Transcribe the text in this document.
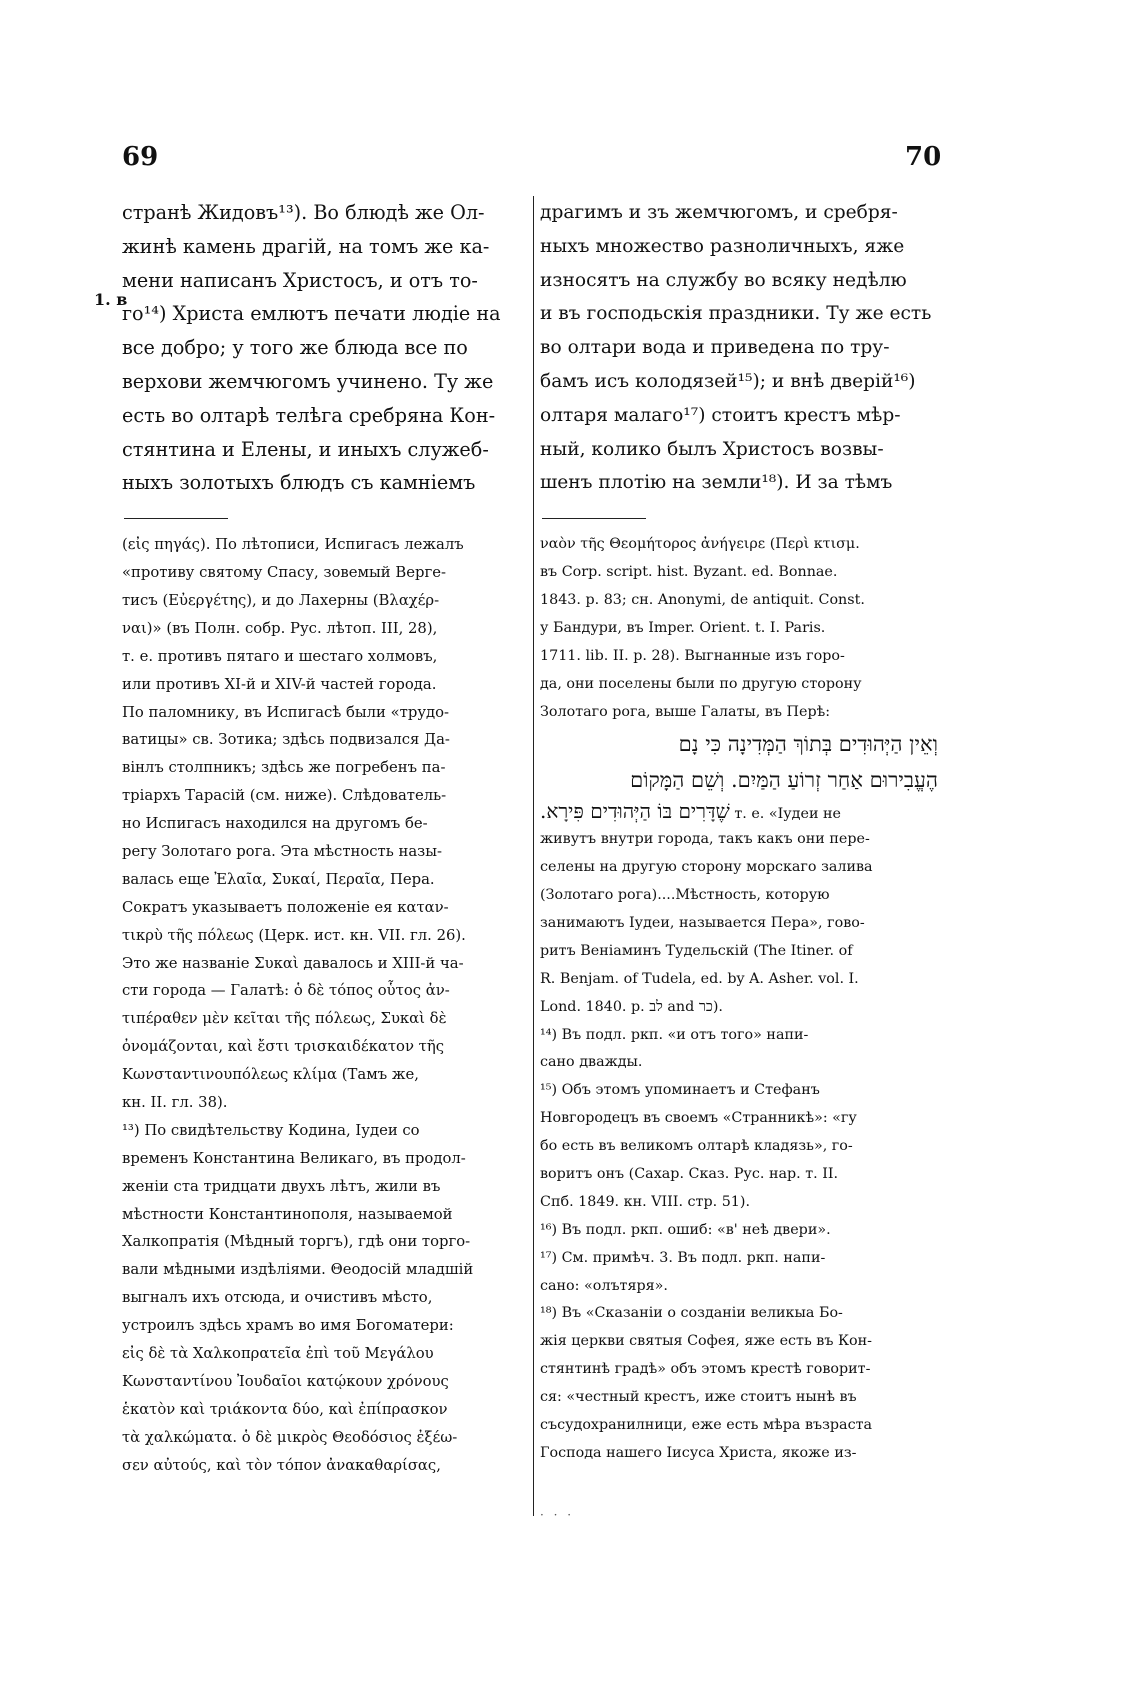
69	70
1. в
странѣ Жидовъ¹³). Во блюдѣ же Ол-
жинѣ камень драгій, на томъ же ка-
мени написанъ Христосъ, и отъ то-
го¹⁴) Христа емлютъ печати людіе на
все добро; у того же блюда все по
верхови жемчюгомъ учинено. Ту же
есть во олтарѣ телѣга сребряна Кон-
стянтина и Елены, и иныхъ служеб-
ныхъ золотыхъ блюдъ съ камніемъ
(εἰς πηγάς). По лѣтописи, Испигасъ лежалъ
«противу святому Спасу, зовемый Верге-
тисъ (Εὐεργέτης), и до Лахерны (Βλαχέρ-
ναι)» (въ Полн. собр. Рус. лѣтоп. III, 28),
т. е. противъ пятаго и шестаго холмовъ,
или противъ XI-й и XIV-й частей города.
По паломнику, въ Испигасѣ были «трудо-
ватицы» св. Зотика; здѣсь подвизался Да-
вінлъ столпникъ; здѣсь же погребенъ па-
тріархъ Тарасій (см. ниже). Слѣдователь-
но Испигасъ находился на другомъ бе-
регу Золотаго рога. Эта мѣстность назы-
валась еще Ἐλαῖα, Συκαί, Περαῖα, Пера.
Сократъ указываетъ положеніе ея καταν-
τικρὺ τῆς πόλεως (Церк. ист. кн. VII. гл. 26).
Это же названіе Συκαὶ давалось и XIII-й ча-
сти города — Галатѣ: ὁ δὲ τόπος οὗτος ἀν-
τιπέραθεν μὲν κεῖται τῆς πόλεως, Συκαὶ δὲ
ὀνομάζονται, καὶ ἔστι τρισκαιδέκατον τῆς
Κωνσταντινουπόλεως κλίμα (Тамъ же,
кн. II. гл. 38).
¹³) По свидѣтельству Кодина, Іудеи со
временъ Константина Великаго, въ продол-
женіи ста тридцати двухъ лѣтъ, жили въ
мѣстности Константинополя, называемой
Халкопратія (Мѣдный торгъ), гдѣ они торго-
вали мѣдными издѣліями. Θеодосій младшій
выгналъ ихъ отсюда, и очистивъ мѣсто,
устроилъ здѣсь храмъ во имя Богоматери:
εἰς δὲ τὰ Χαλκοπρατεῖα ἐπὶ τοῦ Μεγάλου
Κωνσταντίνου Ἰουδαῖοι κατῴκουν χρόνους
ἑκατὸν καὶ τριάκοντα δύο, καὶ ἐπίπρασκον
τὰ χαλκώματα. ὁ δὲ μικρὸς Θεοδόσιος ἐξέω-
σεν αὐτούς, καὶ τὸν τόπον ἀνακαθαρίσας,
драгимъ и зъ жемчюгомъ, и сребря-
ныхъ множество разноличныхъ, яже
износятъ на службу во всяку недѣлю
и въ господьскія праздники. Ту же есть
во олтари вода и приведена по тру-
бамъ исъ колодязей¹⁵); и внѣ дверій¹⁶)
олтаря малаго¹⁷) стоитъ крестъ мѣр-
ный, колико былъ Христосъ возвы-
шенъ плотію на земли¹⁸). И за тѣмъ
ναὸν τῆς Θεομήτορος ἀνήγειρε (Περὶ κτισμ.
въ Corp. script. hist. Byzant. ed. Bonnae.
1843. p. 83; сн. Anonymi, de antiquit. Const.
у Бандури, въ Imper. Orient. t. I. Paris.
1711. lib. II. p. 28). Выгнанные изъ горо-
да, они поселены были по другую сторону
Золотаго рога, выше Галаты, въ Перѣ:
וְאֵין הַיְּהוּדִים בְּתוֹךְ הַמְּדִינָה כִּי נָם
הֶעֱבִירוּם אַחַר זְרוֹעַ הַמַּיִם. וְשֵׁם הַמָּקוֹם
שֶׁדָּרִים בּוֹ הַיְּהוּדִים פִּירָא. т. е. «Іудеи не
живутъ внутри города, такъ какъ они пере-
селены на другую сторону морскаго залива
(Золотаго рога)....Мѣстность, которую
занимаютъ Іудеи, называется Пера», гово-
ритъ Веніаминъ Тудельскій (The Itiner. of
R. Benjam. of Tudela, ed. by A. Asher. vol. I.
Lond. 1840. p. לב and כר).
¹⁴) Въ подл. ркп. «и отъ того» напи-
сано дважды.
¹⁵) Объ этомъ упоминаетъ и Стефанъ
Новгородецъ въ своемъ «Странникѣ»: «гу
бо есть въ великомъ олтарѣ кладязь», го-
воритъ онъ (Сахар. Сказ. Рус. нар. т. II.
Спб. 1849. кн. VIII. стр. 51).
¹⁶) Въ подл. ркп. ошиб: «в' неѣ двери».
¹⁷) См. примѣч. 3. Въ подл. ркп. напи-
сано: «олътяря».
¹⁸) Въ «Сказаніи о созданіи великыа Бо-
жія церкви святыя Софея, яже есть въ Кон-
стянтинѣ градѣ» объ этомъ крестѣ говорит-
ся: «честный крестъ, иже стоитъ нынѣ въ
съсудохранилници, еже есть мѣра възраста
Господа нашего Іисуса Христа, якоже из-
· · ·
